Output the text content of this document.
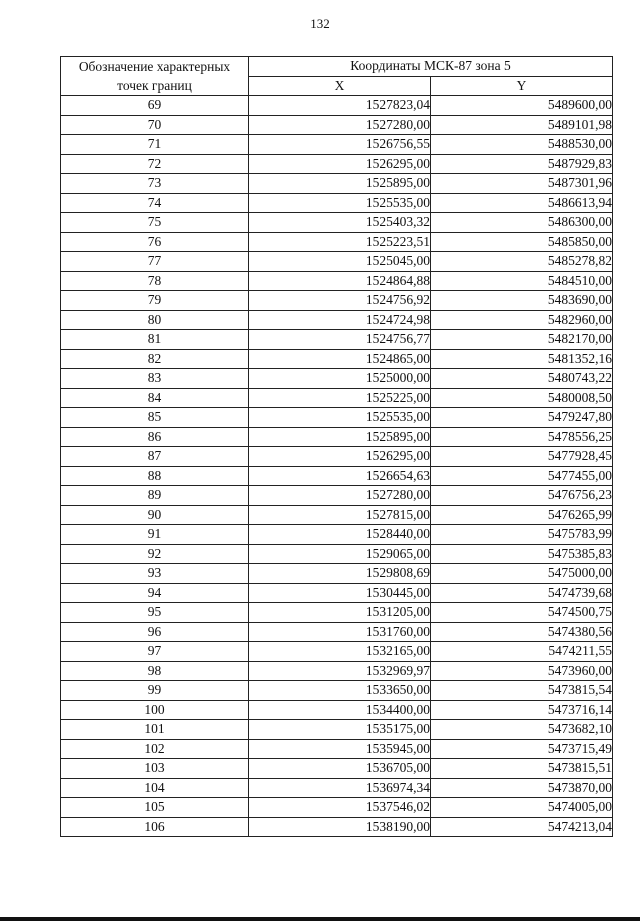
132
Обозначение характерных
точек границ	Координаты МСК-87 зона 5	
	X	Y
69	1527823,04	5489600,00
70	1527280,00	5489101,98
71	1526756,55	5488530,00
72	1526295,00	5487929,83
73	1525895,00	5487301,96
74	1525535,00	5486613,94
75	1525403,32	5486300,00
76	1525223,51	5485850,00
77	1525045,00	5485278,82
78	1524864,88	5484510,00
79	1524756,92	5483690,00
80	1524724,98	5482960,00
81	1524756,77	5482170,00
82	1524865,00	5481352,16
83	1525000,00	5480743,22
84	1525225,00	5480008,50
85	1525535,00	5479247,80
86	1525895,00	5478556,25
87	1526295,00	5477928,45
88	1526654,63	5477455,00
89	1527280,00	5476756,23
90	1527815,00	5476265,99
91	1528440,00	5475783,99
92	1529065,00	5475385,83
93	1529808,69	5475000,00
94	1530445,00	5474739,68
95	1531205,00	5474500,75
96	1531760,00	5474380,56
97	1532165,00	5474211,55
98	1532969,97	5473960,00
99	1533650,00	5473815,54
100	1534400,00	5473716,14
101	1535175,00	5473682,10
102	1535945,00	5473715,49
103	1536705,00	5473815,51
104	1536974,34	5473870,00
105	1537546,02	5474005,00
106	1538190,00	5474213,04
